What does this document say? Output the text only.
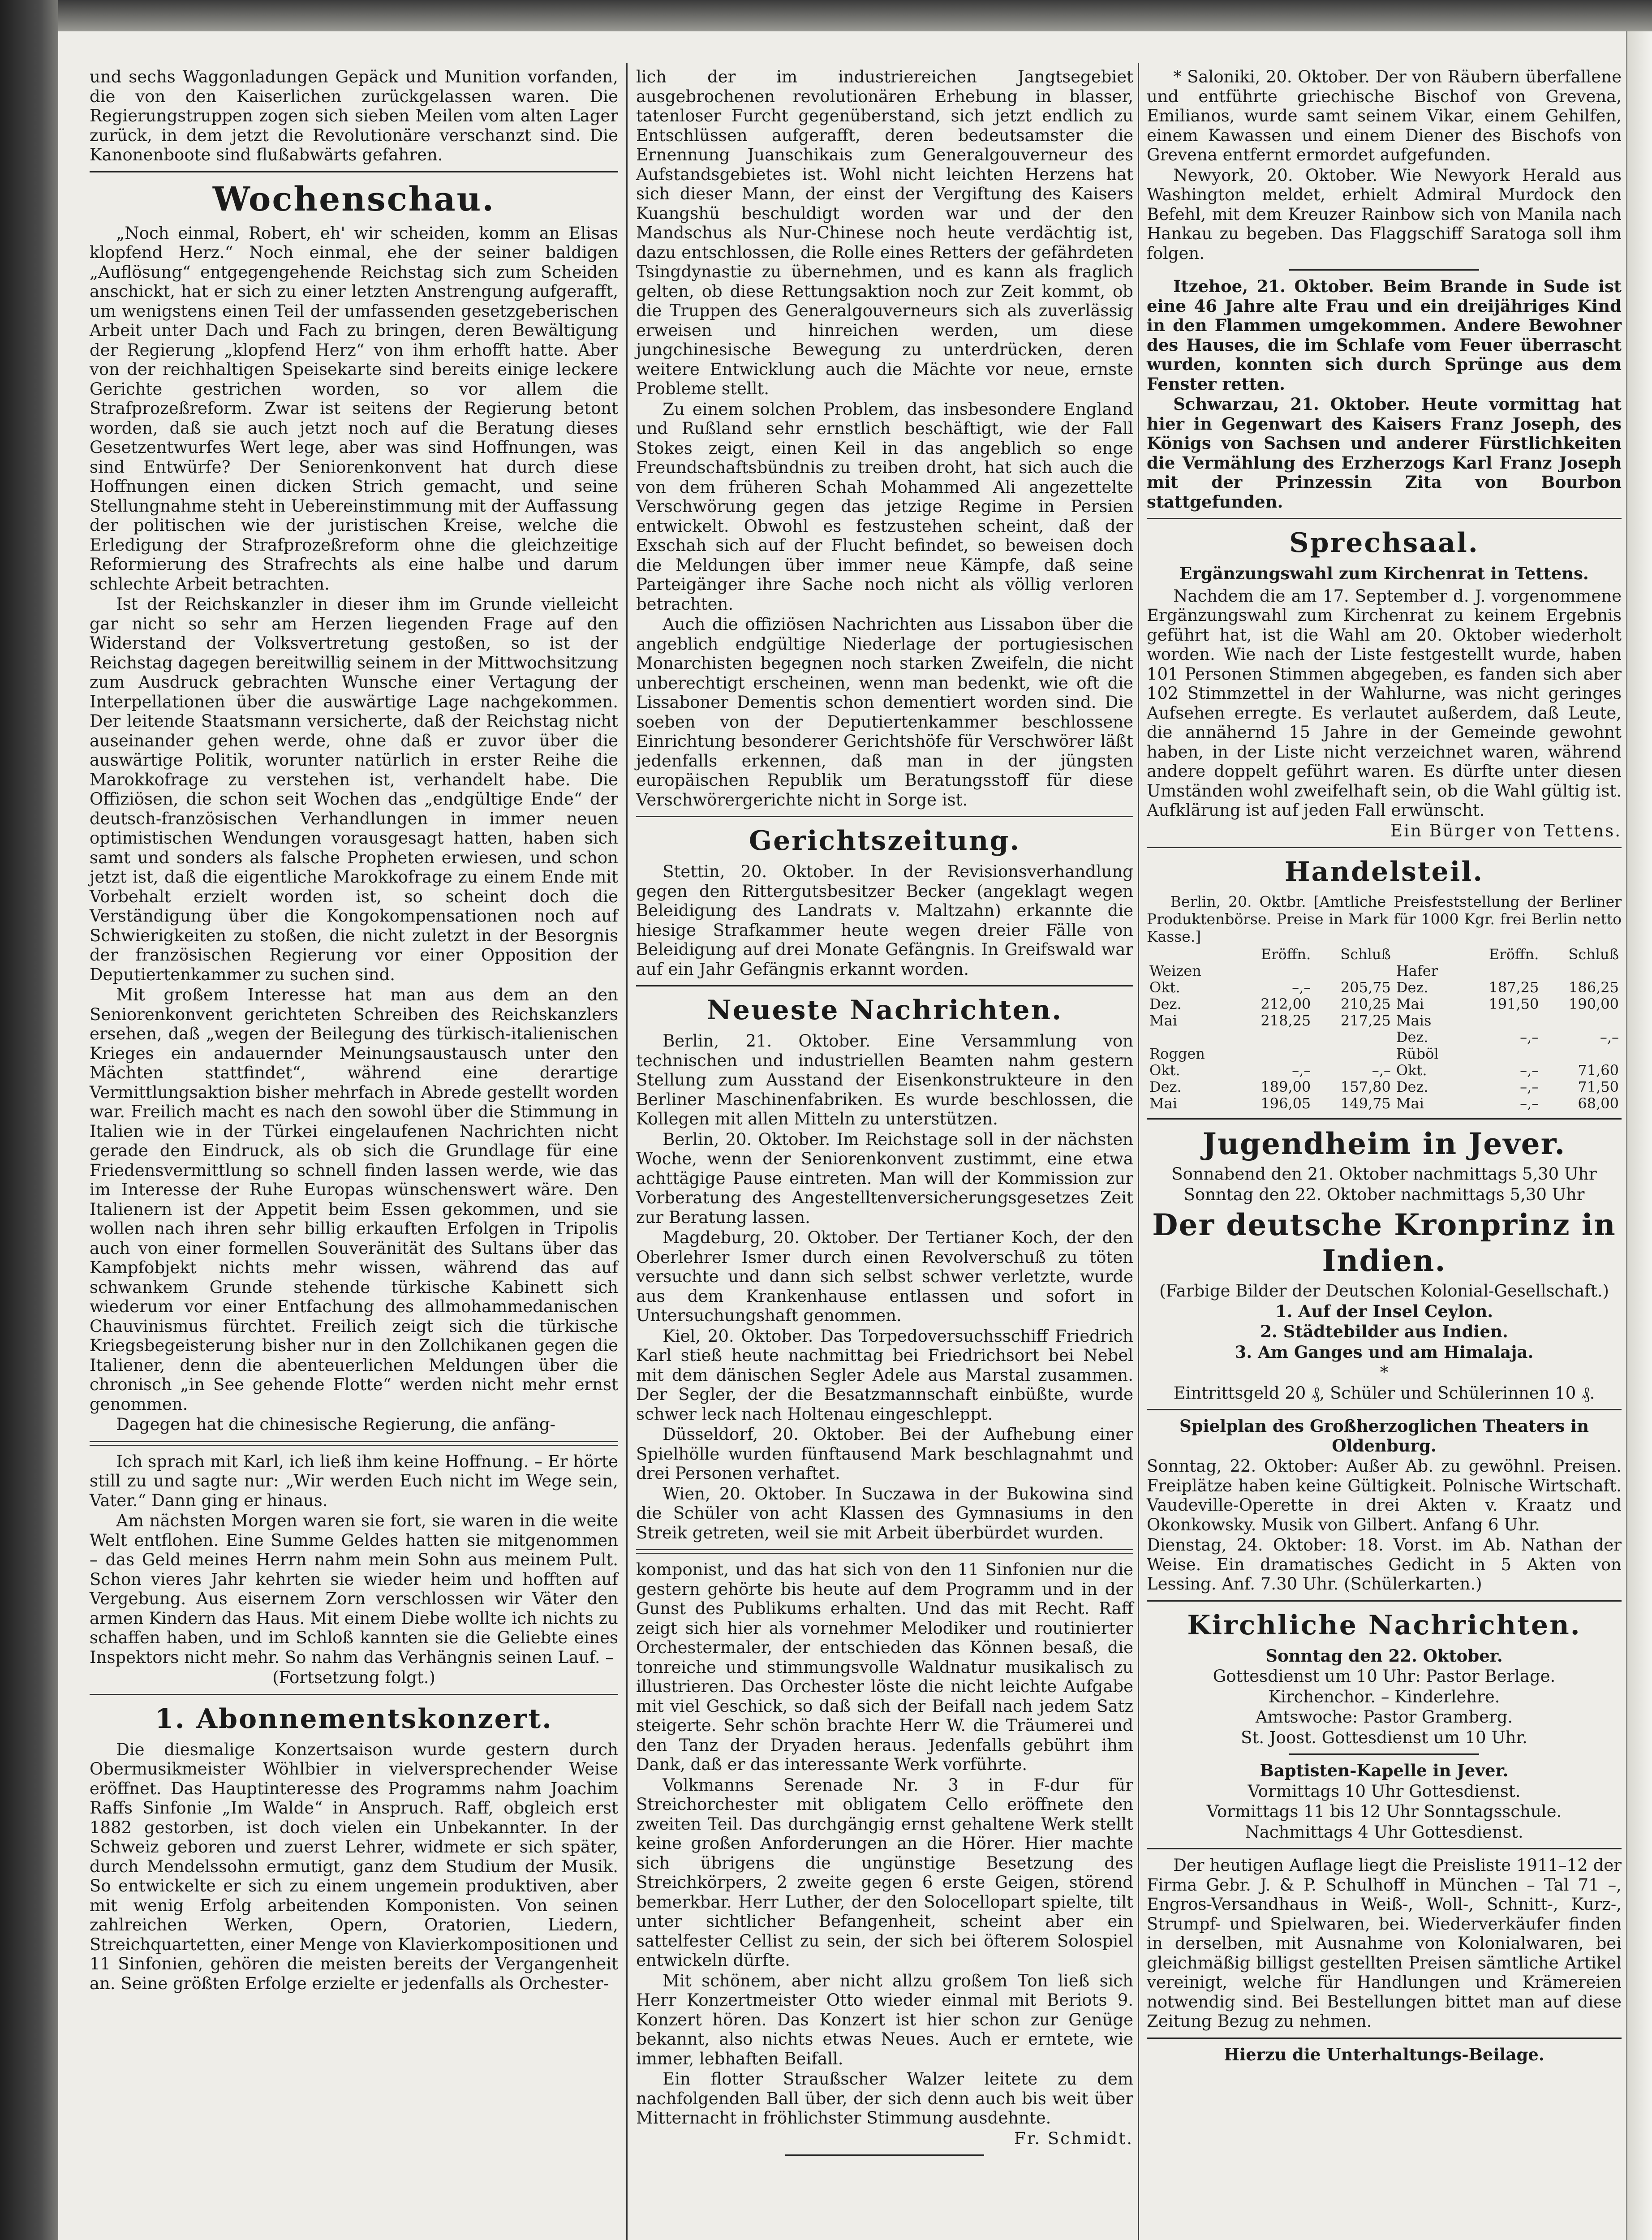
und sechs Waggonladungen Gepäck und Munition vorfanden, die von den Kaiserlichen zurückgelassen waren. Die Regierungstruppen zogen sich sieben Meilen vom alten Lager zurück, in dem jetzt die Revolutionäre verschanzt sind. Die Kanonenboote sind flußabwärts gefahren.

Wochenschau.

„Noch einmal, Robert, eh' wir scheiden, komm an Elisas klopfend Herz.“ Noch einmal, ehe der seiner baldigen „Auflösung“ entgegengehende Reichstag sich zum Scheiden anschickt, hat er sich zu einer letzten Anstrengung aufgerafft, um wenigstens einen Teil der umfassenden gesetzgeberischen Arbeit unter Dach und Fach zu bringen, deren Bewältigung der Regierung „klopfend Herz“ von ihm erhofft hatte. Aber von der reichhaltigen Speisekarte sind bereits einige leckere Gerichte gestrichen worden, so vor allem die Strafprozeßreform. Zwar ist seitens der Regierung betont worden, daß sie auch jetzt noch auf die Beratung dieses Gesetzentwurfes Wert lege, aber was sind Hoffnungen, was sind Entwürfe? Der Seniorenkonvent hat durch diese Hoffnungen einen dicken Strich gemacht, und seine Stellungnahme steht in Uebereinstimmung mit der Auffassung der politischen wie der juristischen Kreise, welche die Erledigung der Strafprozeßreform ohne die gleichzeitige Reformierung des Strafrechts als eine halbe und darum schlechte Arbeit betrachten.

Ist der Reichskanzler in dieser ihm im Grunde vielleicht gar nicht so sehr am Herzen liegenden Frage auf den Widerstand der Volksvertretung gestoßen, so ist der Reichstag dagegen bereitwillig seinem in der Mittwochsitzung zum Ausdruck gebrachten Wunsche einer Vertagung der Interpellationen über die auswärtige Lage nachgekommen. Der leitende Staatsmann versicherte, daß der Reichstag nicht auseinander gehen werde, ohne daß er zuvor über die auswärtige Politik, worunter natürlich in erster Reihe die Marokkofrage zu verstehen ist, verhandelt habe. Die Offiziösen, die schon seit Wochen das „endgültige Ende“ der deutsch-französischen Verhandlungen in immer neuen optimistischen Wendungen vorausgesagt hatten, haben sich samt und sonders als falsche Propheten erwiesen, und schon jetzt ist, daß die eigentliche Marokkofrage zu einem Ende mit Vorbehalt erzielt worden ist, so scheint doch die Verständigung über die Kongokompensationen noch auf Schwierigkeiten zu stoßen, die nicht zuletzt in der Besorgnis der französischen Regierung vor einer Opposition der Deputiertenkammer zu suchen sind.

Mit großem Interesse hat man aus dem an den Seniorenkonvent gerichteten Schreiben des Reichskanzlers ersehen, daß „wegen der Beilegung des türkisch-italienischen Krieges ein andauernder Meinungsaustausch unter den Mächten stattfindet“, während eine derartige Vermittlungsaktion bisher mehrfach in Abrede gestellt worden war. Freilich macht es nach den sowohl über die Stimmung in Italien wie in der Türkei eingelaufenen Nachrichten nicht gerade den Eindruck, als ob sich die Grundlage für eine Friedensvermittlung so schnell finden lassen werde, wie das im Interesse der Ruhe Europas wünschenswert wäre. Den Italienern ist der Appetit beim Essen gekommen, und sie wollen nach ihren sehr billig erkauften Erfolgen in Tripolis auch von einer formellen Souveränität des Sultans über das Kampfobjekt nichts mehr wissen, während das auf schwankem Grunde stehende türkische Kabinett sich wiederum vor einer Entfachung des allmohammedanischen Chauvinismus fürchtet. Freilich zeigt sich die türkische Kriegsbegeisterung bisher nur in den Zollchikanen gegen die Italiener, denn die abenteuerlichen Meldungen über die chronisch „in See gehende Flotte“ werden nicht mehr ernst genommen.

Dagegen hat die chinesische Regierung, die anfäng-

Ich sprach mit Karl, ich ließ ihm keine Hoffnung. – Er hörte still zu und sagte nur: „Wir werden Euch nicht im Wege sein, Vater.“ Dann ging er hinaus.

Am nächsten Morgen waren sie fort, sie waren in die weite Welt entflohen. Eine Summe Geldes hatten sie mitgenommen – das Geld meines Herrn nahm mein Sohn aus meinem Pult. Schon vieres Jahr kehrten sie wieder heim und hofften auf Vergebung. Aus eisernem Zorn verschlossen wir Väter den armen Kindern das Haus. Mit einem Diebe wollte ich nichts zu schaffen haben, und im Schloß kannten sie die Geliebte eines Inspektors nicht mehr. So nahm das Verhängnis seinen Lauf. –

(Fortsetzung folgt.)

1. Abonnementskonzert.

Die diesmalige Konzertsaison wurde gestern durch Obermusikmeister Wöhlbier in vielversprechender Weise eröffnet. Das Hauptinteresse des Programms nahm Joachim Raffs Sinfonie „Im Walde“ in Anspruch. Raff, obgleich erst 1882 gestorben, ist doch vielen ein Unbekannter. In der Schweiz geboren und zuerst Lehrer, widmete er sich später, durch Mendelssohn ermutigt, ganz dem Studium der Musik. So entwickelte er sich zu einem ungemein produktiven, aber mit wenig Erfolg arbeitenden Komponisten. Von seinen zahlreichen Werken, Opern, Oratorien, Liedern, Streichquartetten, einer Menge von Klavierkompositionen und 11 Sinfonien, gehören die meisten bereits der Vergangenheit an. Seine größten Erfolge erzielte er jedenfalls als Orchester-

lich der im industriereichen Jangtsegebiet ausgebrochenen revolutionären Erhebung in blasser, tatenloser Furcht gegenüberstand, sich jetzt endlich zu Entschlüssen aufgerafft, deren bedeutsamster die Ernennung Juanschikais zum Generalgouverneur des Aufstandsgebietes ist. Wohl nicht leichten Herzens hat sich dieser Mann, der einst der Vergiftung des Kaisers Kuangshü beschuldigt worden war und der den Mandschus als Nur-Chinese noch heute verdächtig ist, dazu entschlossen, die Rolle eines Retters der gefährdeten Tsingdynastie zu übernehmen, und es kann als fraglich gelten, ob diese Rettungsaktion noch zur Zeit kommt, ob die Truppen des Generalgouverneurs sich als zuverlässig erweisen und hinreichen werden, um diese jungchinesische Bewegung zu unterdrücken, deren weitere Entwicklung auch die Mächte vor neue, ernste Probleme stellt.

Zu einem solchen Problem, das insbesondere England und Rußland sehr ernstlich beschäftigt, wie der Fall Stokes zeigt, einen Keil in das angeblich so enge Freundschaftsbündnis zu treiben droht, hat sich auch die von dem früheren Schah Mohammed Ali angezettelte Verschwörung gegen das jetzige Regime in Persien entwickelt. Obwohl es festzustehen scheint, daß der Exschah sich auf der Flucht befindet, so beweisen doch die Meldungen über immer neue Kämpfe, daß seine Parteigänger ihre Sache noch nicht als völlig verloren betrachten.

Auch die offiziösen Nachrichten aus Lissabon über die angeblich endgültige Niederlage der portugiesischen Monarchisten begegnen noch starken Zweifeln, die nicht unberechtigt erscheinen, wenn man bedenkt, wie oft die Lissaboner Dementis schon dementiert worden sind. Die soeben von der Deputiertenkammer beschlossene Einrichtung besonderer Gerichtshöfe für Verschwörer läßt jedenfalls erkennen, daß man in der jüngsten europäischen Republik um Beratungsstoff für diese Verschwörergerichte nicht in Sorge ist.

Gerichtszeitung.

Stettin, 20. Oktober. In der Revisionsverhandlung gegen den Rittergutsbesitzer Becker (angeklagt wegen Beleidigung des Landrats v. Maltzahn) erkannte die hiesige Strafkammer heute wegen dreier Fälle von Beleidigung auf drei Monate Gefängnis. In Greifswald war auf ein Jahr Gefängnis erkannt worden.

Neueste Nachrichten.

Berlin, 21. Oktober. Eine Versammlung von technischen und industriellen Beamten nahm gestern Stellung zum Ausstand der Eisenkonstrukteure in den Berliner Maschinenfabriken. Es wurde beschlossen, die Kollegen mit allen Mitteln zu unterstützen.

Berlin, 20. Oktober. Im Reichstage soll in der nächsten Woche, wenn der Seniorenkonvent zustimmt, eine etwa achttägige Pause eintreten. Man will der Kommission zur Vorberatung des Angestelltenversicherungsgesetzes Zeit zur Beratung lassen.

Magdeburg, 20. Oktober. Der Tertianer Koch, der den Oberlehrer Ismer durch einen Revolverschuß zu töten versuchte und dann sich selbst schwer verletzte, wurde aus dem Krankenhause entlassen und sofort in Untersuchungshaft genommen.

Kiel, 20. Oktober. Das Torpedoversuchsschiff Friedrich Karl stieß heute nachmittag bei Friedrichsort bei Nebel mit dem dänischen Segler Adele aus Marstal zusammen. Der Segler, der die Besatzmannschaft einbüßte, wurde schwer leck nach Holtenau eingeschleppt.

Düsseldorf, 20. Oktober. Bei der Aufhebung einer Spielhölle wurden fünftausend Mark beschlagnahmt und drei Personen verhaftet.

Wien, 20. Oktober. In Suczawa in der Bukowina sind die Schüler von acht Klassen des Gymnasiums in den Streik getreten, weil sie mit Arbeit überbürdet wurden.

komponist, und das hat sich von den 11 Sinfonien nur die gestern gehörte bis heute auf dem Programm und in der Gunst des Publikums erhalten. Und das mit Recht. Raff zeigt sich hier als vornehmer Melodiker und routinierter Orchestermaler, der entschieden das Können besaß, die tonreiche und stimmungsvolle Waldnatur musikalisch zu illustrieren. Das Orchester löste die nicht leichte Aufgabe mit viel Geschick, so daß sich der Beifall nach jedem Satz steigerte. Sehr schön brachte Herr W. die Träumerei und den Tanz der Dryaden heraus. Jedenfalls gebührt ihm Dank, daß er das interessante Werk vorführte.

Volkmanns Serenade Nr. 3 in F-dur für Streichorchester mit obligatem Cello eröffnete den zweiten Teil. Das durchgängig ernst gehaltene Werk stellt keine großen Anforderungen an die Hörer. Hier machte sich übrigens die ungünstige Besetzung des Streichkörpers, 2 zweite gegen 6 erste Geigen, störend bemerkbar. Herr Luther, der den Solocellopart spielte, tilt unter sichtlicher Befangenheit, scheint aber ein sattelfester Cellist zu sein, der sich bei öfterem Solospiel entwickeln dürfte.

Mit schönem, aber nicht allzu großem Ton ließ sich Herr Konzertmeister Otto wieder einmal mit Beriots 9. Konzert hören. Das Konzert ist hier schon zur Genüge bekannt, also nichts etwas Neues. Auch er erntete, wie immer, lebhaften Beifall.

Ein flotter Straußscher Walzer leitete zu dem nachfolgenden Ball über, der sich denn auch bis weit über Mitternacht in fröhlichster Stimmung ausdehnte.

Fr. Schmidt.

* Saloniki, 20. Oktober. Der von Räubern überfallene und entführte griechische Bischof von Grevena, Emilianos, wurde samt seinem Vikar, einem Gehilfen, einem Kawassen und einem Diener des Bischofs von Grevena entfernt ermordet aufgefunden.

Newyork, 20. Oktober. Wie Newyork Herald aus Washington meldet, erhielt Admiral Murdock den Befehl, mit dem Kreuzer Rainbow sich von Manila nach Hankau zu begeben. Das Flaggschiff Saratoga soll ihm folgen.

Itzehoe, 21. Oktober. Beim Brande in Sude ist eine 46 Jahre alte Frau und ein dreijähriges Kind in den Flammen umgekommen. Andere Bewohner des Hauses, die im Schlafe vom Feuer überrascht wurden, konnten sich durch Sprünge aus dem Fenster retten.

Schwarzau, 21. Oktober. Heute vormittag hat hier in Gegenwart des Kaisers Franz Joseph, des Königs von Sachsen und anderer Fürstlichkeiten die Vermählung des Erzherzogs Karl Franz Joseph mit der Prinzessin Zita von Bourbon stattgefunden.

Sprechsaal.
Ergänzungswahl zum Kirchenrat in Tettens.

Nachdem die am 17. September d. J. vorgenommene Ergänzungswahl zum Kirchenrat zu keinem Ergebnis geführt hat, ist die Wahl am 20. Oktober wiederholt worden. Wie nach der Liste festgestellt wurde, haben 101 Personen Stimmen abgegeben, es fanden sich aber 102 Stimmzettel in der Wahlurne, was nicht geringes Aufsehen erregte. Es verlautet außerdem, daß Leute, die annähernd 15 Jahre in der Gemeinde gewohnt haben, in der Liste nicht verzeichnet waren, während andere doppelt geführt waren. Es dürfte unter diesen Umständen wohl zweifelhaft sein, ob die Wahl gültig ist. Aufklärung ist auf jeden Fall erwünscht.

Ein Bürger von Tettens.

Handelsteil.

Berlin, 20. Oktbr. [Amtliche Preisfeststellung der Berliner Produktenbörse. Preise in Mark für 1000 Kgr. frei Berlin netto Kasse.]

	Eröffn.	Schluß		Eröffn.	Schluß
Weizen			Hafer		
Okt.	–,–	205,75	Dez.	187,25	186,25
Dez.	212,00	210,25	Mai	191,50	190,00
Mai	218,25	217,25	Mais		
			Dez.	–,–	–,–
Roggen			Rüböl		
Okt.	–,–	–,–	Okt.	–,–	71,60
Dez.	189,00	157,80	Dez.	–,–	71,50
Mai	196,05	149,75	Mai	–,–	68,00
Jugendheim in Jever.

Sonnabend den 21. Oktober nachmittags 5,30 Uhr

Sonntag den 22. Oktober nachmittags 5,30 Uhr

Der deutsche Kronprinz in Indien.

(Farbige Bilder der Deutschen Kolonial-Gesellschaft.)

1. Auf der Insel Ceylon.

2. Städtebilder aus Indien.

3. Am Ganges und am Himalaja.

*

Eintrittsgeld 20 ₰, Schüler und Schülerinnen 10 ₰.

Spielplan des Großherzoglichen Theaters in Oldenburg.

Sonntag, 22. Oktober: Außer Ab. zu gewöhnl. Preisen. Freiplätze haben keine Gültigkeit. Polnische Wirtschaft. Vaudeville-Operette in drei Akten v. Kraatz und Okonkowsky. Musik von Gilbert. Anfang 6 Uhr.

Dienstag, 24. Oktober: 18. Vorst. im Ab. Nathan der Weise. Ein dramatisches Gedicht in 5 Akten von Lessing. Anf. 7.30 Uhr. (Schülerkarten.)

Kirchliche Nachrichten.

Sonntag den 22. Oktober.

Gottesdienst um 10 Uhr: Pastor Berlage.

Kirchenchor. – Kinderlehre.

Amtswoche: Pastor Gramberg.

St. Joost. Gottesdienst um 10 Uhr.

Baptisten-Kapelle in Jever.

Vormittags 10 Uhr Gottesdienst.

Vormittags 11 bis 12 Uhr Sonntagsschule.

Nachmittags 4 Uhr Gottesdienst.

Der heutigen Auflage liegt die Preisliste 1911–12 der Firma Gebr. J. & P. Schulhoff in München – Tal 71 –, Engros-Versandhaus in Weiß-, Woll-, Schnitt-, Kurz-, Strumpf- und Spielwaren, bei. Wiederverkäufer finden in derselben, mit Ausnahme von Kolonialwaren, bei gleichmäßig billigst gestellten Preisen sämtliche Artikel vereinigt, welche für Handlungen und Krämereien notwendig sind. Bei Bestellungen bittet man auf diese Zeitung Bezug zu nehmen.

Hierzu die Unterhaltungs-Beilage.
